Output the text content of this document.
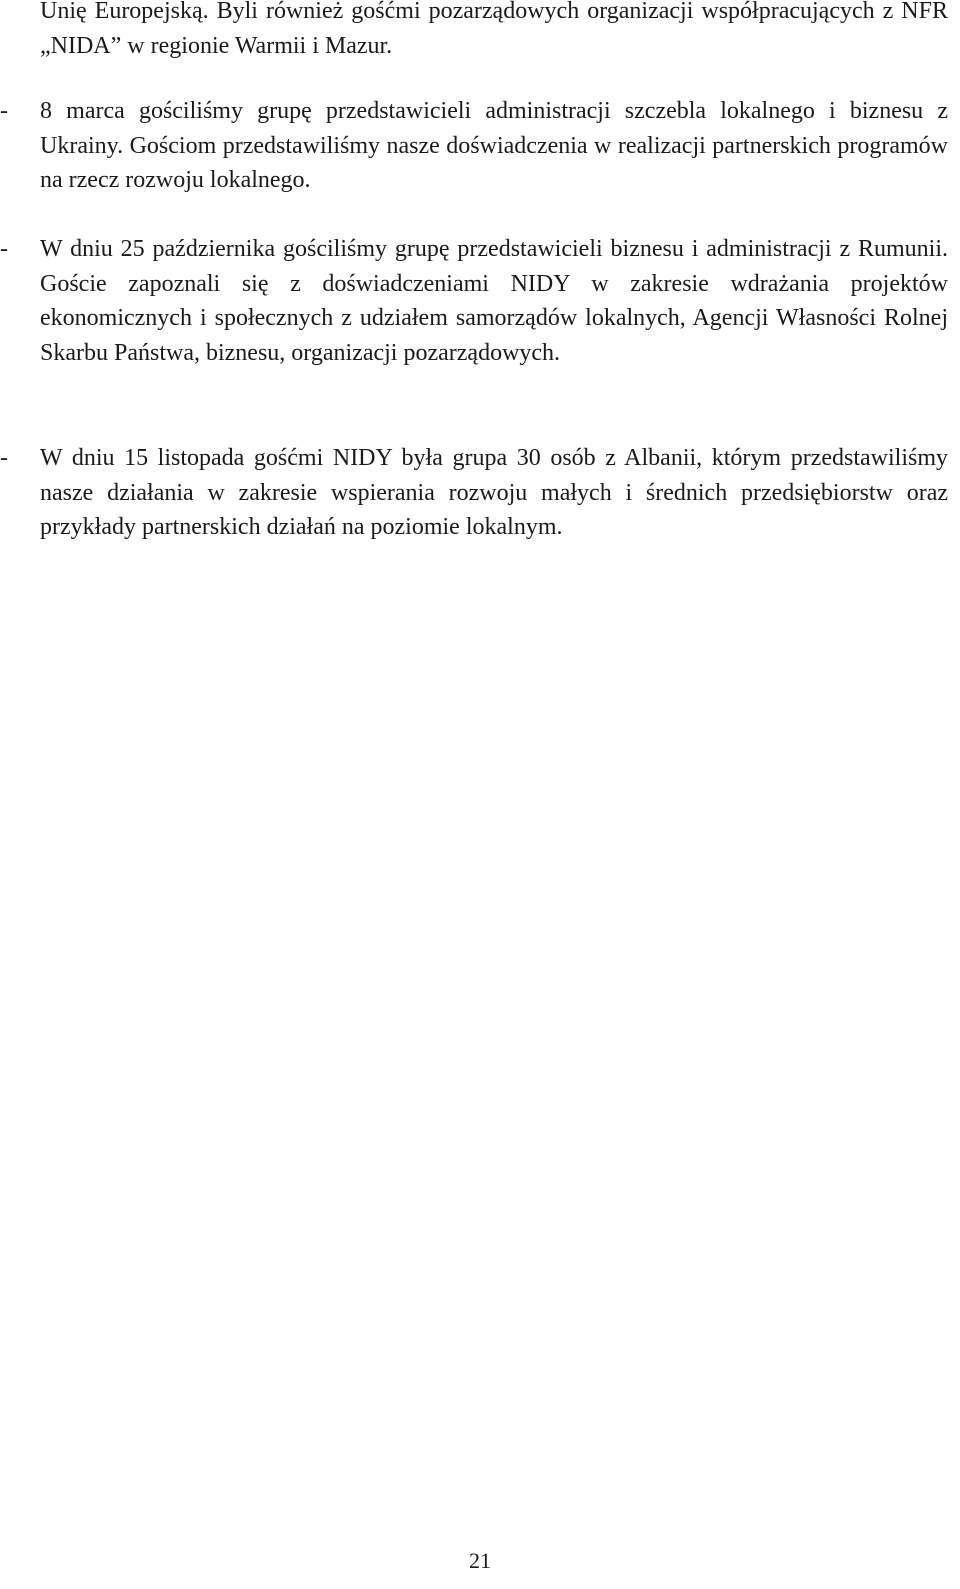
Unię Europejską. Byli również gośćmi pozarządowych organizacji współpracujących z NFR „NIDA” w regionie Warmii i Mazur.

-	8 marca gościliśmy grupę przedstawicieli administracji szczebla lokalnego i biznesu z Ukrainy. Gościom przedstawiliśmy nasze doświadczenia w realizacji partnerskich programów na rzecz rozwoju lokalnego.

-	W dniu 25 października gościliśmy grupę przedstawicieli biznesu i administracji z Rumunii. Goście zapoznali się z doświadczeniami NIDY w zakresie wdrażania projektów ekonomicznych i społecznych z udziałem samorządów lokalnych, Agencji Własności Rolnej Skarbu Państwa, biznesu, organizacji pozarządowych.

-	W dniu 15 listopada gośćmi NIDY była grupa 30 osób z Albanii, którym przedstawiliśmy nasze działania w zakresie wspierania rozwoju małych i średnich przedsiębiorstw oraz przykłady partnerskich działań na poziomie lokalnym.

21
